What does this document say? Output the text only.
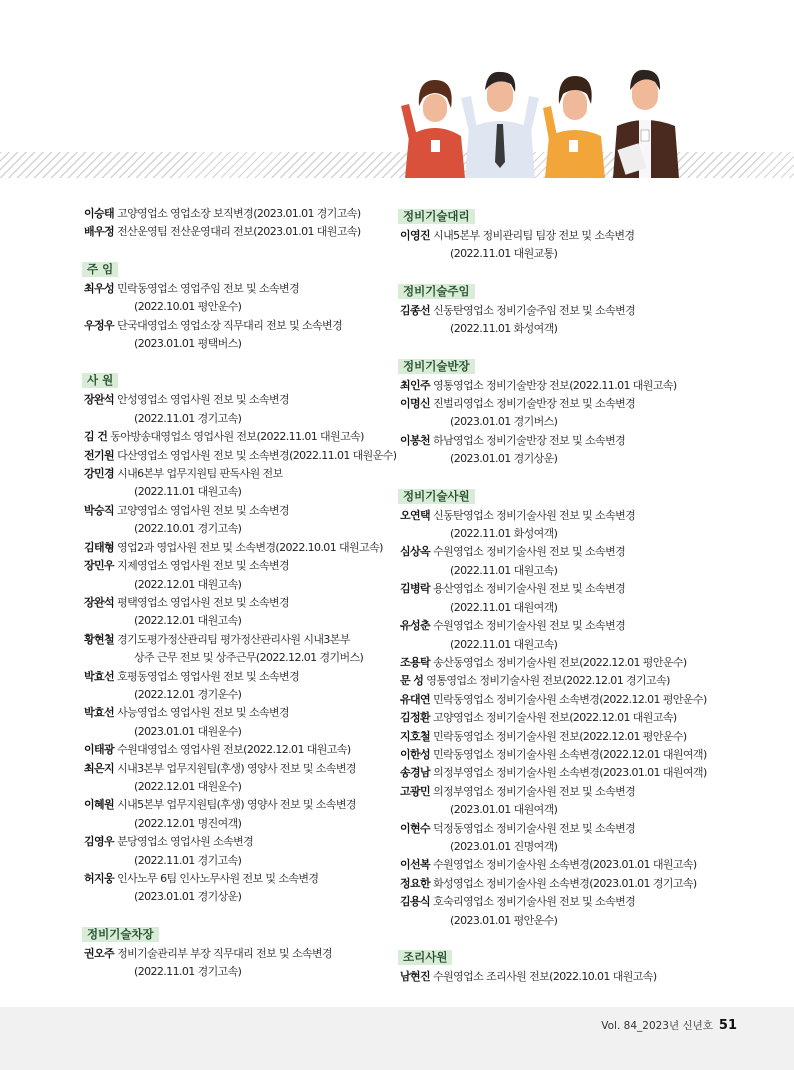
이승태 고양영업소 영업소장 보직변경(2023.01.01 경기고속)
배우정 전산운영팀 전산운영대리 전보(2023.01.01 대원고속)
주 임
최우성 민락동영업소 영업주임 전보 및 소속변경
(2022.10.01 평안운수)
우정우 단국대영업소 영업소장 직무대리 전보 및 소속변경
(2023.01.01 평택버스)
사 원
장완석 안성영업소 영업사원 전보 및 소속변경
(2022.11.01 경기고속)
김 건 동아방송대영업소 영업사원 전보(2022.11.01 대원고속)
전기원 다산영업소 영업사원 전보 및 소속변경(2022.11.01 대원운수)
강민경 시내6본부 업무지원팀 판독사원 전보
(2022.11.01 대원고속)
박승직 고양영업소 영업사원 전보 및 소속변경
(2022.10.01 경기고속)
김태형 영업2과 영업사원 전보 및 소속변경(2022.10.01 대원고속)
장민우 지제영업소 영업사원 전보 및 소속변경
(2022.12.01 대원고속)
장완석 평택영업소 영업사원 전보 및 소속변경
(2022.12.01 대원고속)
황현철 경기도평가정산관리팀 평가정산관리사원 시내3본부
상주 근무 전보 및 상주근무(2022.12.01 경기버스)
박효선 호평동영업소 영업사원 전보 및 소속변경
(2022.12.01 경기운수)
박효선 사능영업소 영업사원 전보 및 소속변경
(2023.01.01 대원운수)
이태광 수원대영업소 영업사원 전보(2022.12.01 대원고속)
최은지 시내3본부 업무지원팀(후생) 영양사 전보 및 소속변경
(2022.12.01 대원운수)
이혜원 시내5본부 업무지원팀(후생) 영양사 전보 및 소속변경
(2022.12.01 명진여객)
김영우 분당영업소 영업사원 소속변경
(2022.11.01 경기고속)
허지웅 인사노무 6팀 인사노무사원 전보 및 소속변경
(2023.01.01 경기상운)
정비기술차장
권오주 정비기술관리부 부장 직무대리 전보 및 소속변경
(2022.11.01 경기고속)
정비기술대리
이영진 시내5본부 정비관리팀 팀장 전보 및 소속변경
(2022.11.01 대원교통)
정비기술주임
김종선 신동탄영업소 정비기술주임 전보 및 소속변경
(2022.11.01 화성여객)
정비기술반장
최인주 영통영업소 정비기술반장 전보(2022.11.01 대원고속)
이명신 진벌리영업소 정비기술반장 전보 및 소속변경
(2023.01.01 경기버스)
이봉천 하남영업소 정비기술반장 전보 및 소속변경
(2023.01.01 경기상운)
정비기술사원
오연택 신동탄영업소 정비기술사원 전보 및 소속변경
(2022.11.01 화성여객)
심상옥 수원영업소 정비기술사원 전보 및 소속변경
(2022.11.01 대원고속)
김병락 용산영업소 정비기술사원 전보 및 소속변경
(2022.11.01 대원여객)
유성춘 수원영업소 정비기술사원 전보 및 소속변경
(2022.11.01 대원고속)
조용탁 송산동영업소 정비기술사원 전보(2022.12.01 평안운수)
문 성 영통영업소 정비기술사원 전보(2022.12.01 경기고속)
유대연 민락동영업소 정비기술사원 소속변경(2022.12.01 평안운수)
김정환 고양영업소 정비기술사원 전보(2022.12.01 대원고속)
지호철 민락동영업소 정비기술사원 전보(2022.12.01 평안운수)
이한성 민락동영업소 정비기술사원 소속변경(2022.12.01 대원여객)
송경남 의정부영업소 정비기술사원 소속변경(2023.01.01 대원여객)
고광민 의정부영업소 정비기술사원 전보 및 소속변경
(2023.01.01 대원여객)
이현수 덕정동영업소 정비기술사원 전보 및 소속변경
(2023.01.01 진명여객)
이선복 수원영업소 정비기술사원 소속변경(2023.01.01 대원고속)
정요한 화성영업소 정비기술사원 소속변경(2023.01.01 경기고속)
김용식 호숙리영업소 정비기술사원 전보 및 소속변경
(2023.01.01 평안운수)
조리사원
남현진 수원영업소 조리사원 전보(2022.10.01 대원고속)
Vol. 84_2023년 신년호 51
